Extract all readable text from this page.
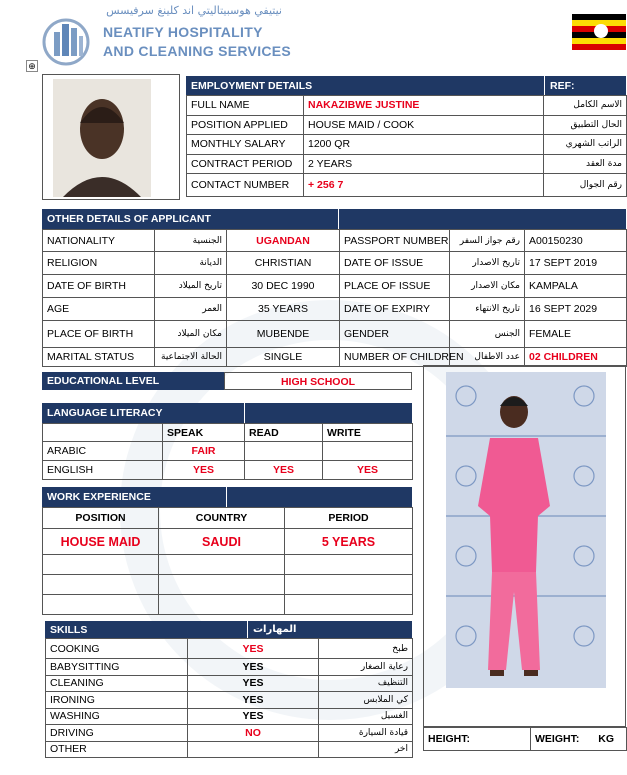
نيتيفي هوسبيتاليتي اند كلينغ سرفيسس
NEATIFY HOSPITALITY
AND CLEANING SERVICES
⊕
EMPLOYMENT DETAILS	REF:
FULL NAME	NAKAZIBWE JUSTINE	الاسم الكامل
POSITION APPLIED	HOUSE MAID / COOK	الحال التطبيق
MONTHLY SALARY	1200 QR	الراتب الشهري
CONTRACT PERIOD	2 YEARS	مدة العقد
CONTACT NUMBER	+ 256 7	رقم الجوال
OTHER DETAILS OF APPLICANT
NATIONALITY	الجنسية	UGANDAN	PASSPORT NUMBER	رقم جواز السفر	A00150230
RELIGION	الديانة	CHRISTIAN	DATE OF ISSUE	تاريخ الاصدار	17 SEPT 2019
DATE OF BIRTH	تاريخ الميلاد	30 DEC 1990	PLACE OF ISSUE	مكان الاصدار	KAMPALA
AGE	العمر	35 YEARS	DATE OF EXPIRY	تاريخ الانتهاء	16 SEPT 2029
PLACE OF BIRTH	مكان الميلاد	MUBENDE	GENDER	الجنس	FEMALE
MARITAL STATUS	الحالة الاجتماعية	SINGLE	NUMBER OF CHILDREN	عدد الاطفال	02 CHILDREN
EDUCATIONAL LEVEL	HIGH SCHOOL
LANGUAGE LITERACY
	SPEAK	READ	WRITE
ARABIC	FAIR		
ENGLISH	YES	YES	YES
WORK EXPERIENCE
POSITION	COUNTRY	PERIOD
HOUSE MAID	SAUDI	5 YEARS

SKILLS	المهارات
COOKING	YES	طبخ
BABYSITTING	YES	رعاية الصغار
CLEANING	YES	التنظيف
IRONING	YES	كي الملابس
WASHING	YES	الغسيل
DRIVING	NO	قيادة السيارة
OTHER		اخر
HEIGHT:	WEIGHT: KG
